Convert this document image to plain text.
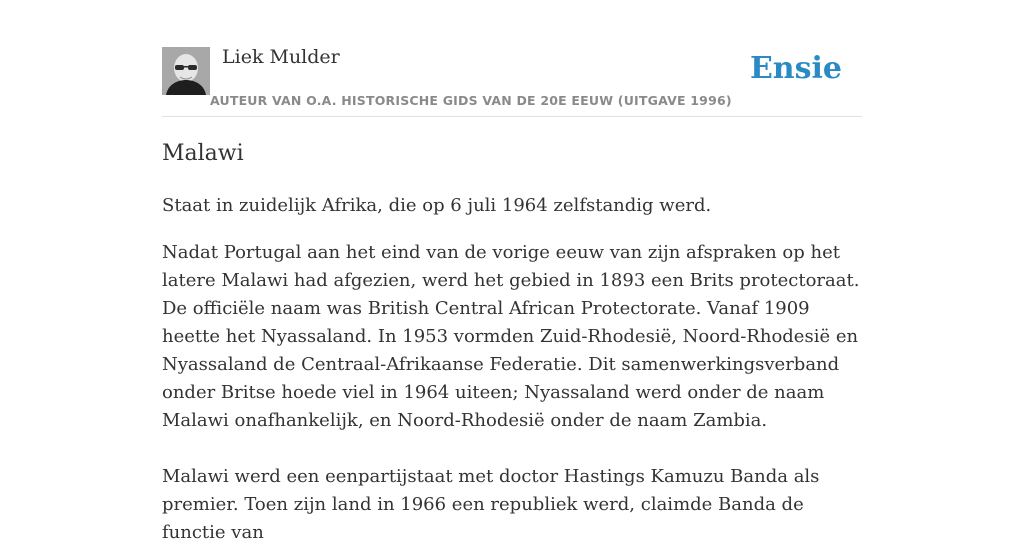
Liek Mulder
AUTEUR VAN O.A. HISTORISCHE GIDS VAN DE 20E EEUW (UITGAVE 1996)
Ensie
Malawi

Staat in zuidelijk Afrika, die op 6 juli 1964 zelfstandig werd.

Nadat Portugal aan het eind van de vorige eeuw van zijn afspraken op het latere Malawi had afgezien, werd het gebied in 1893 een Brits protectoraat. De officiële naam was British Central African Protectorate. Vanaf 1909 heette het Nyassaland. In 1953 vormden Zuid-Rhodesië, Noord-Rhodesië en Nyassaland de Centraal-Afrikaanse Federatie. Dit samenwerkingsverband onder Britse hoede viel in 1964 uiteen; Nyassaland werd onder de naam Malawi onafhankelijk, en Noord-Rhodesië onder de naam Zambia.

Malawi werd een eenpartijstaat met doctor Hastings Kamuzu Banda als premier. Toen zijn land in 1966 een republiek werd, claimde Banda de functie van
